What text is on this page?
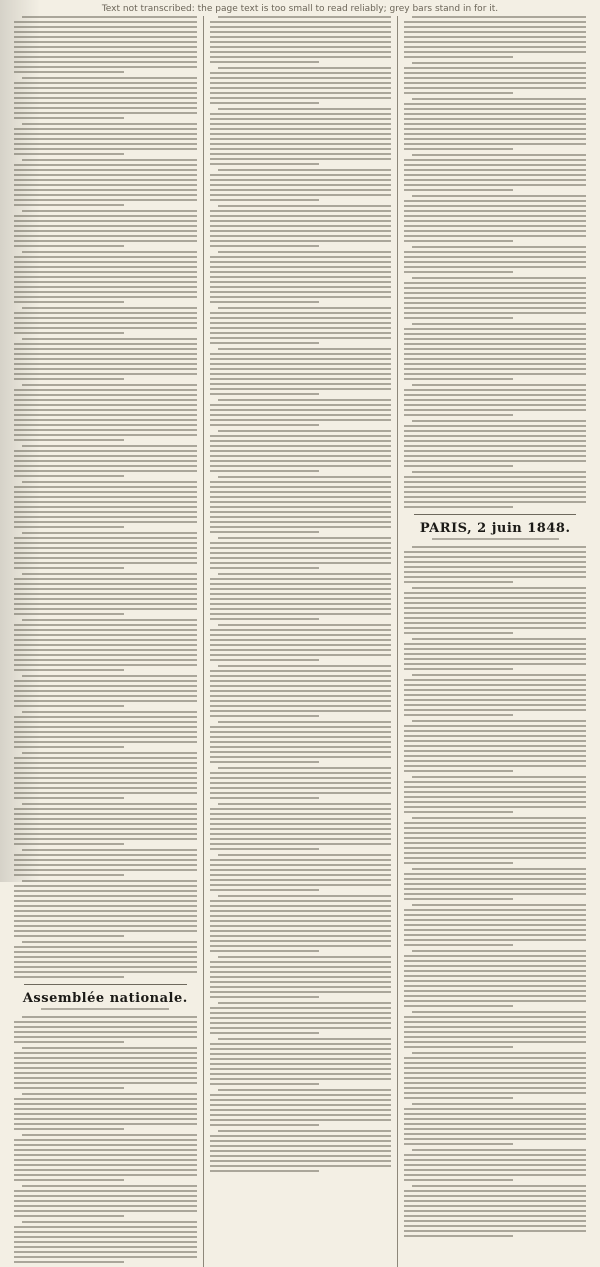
Text not transcribed: the page text is too small to read reliably; grey bars stand in for it.
Assemblée nationale.
PARIS, 2 juin 1848.
